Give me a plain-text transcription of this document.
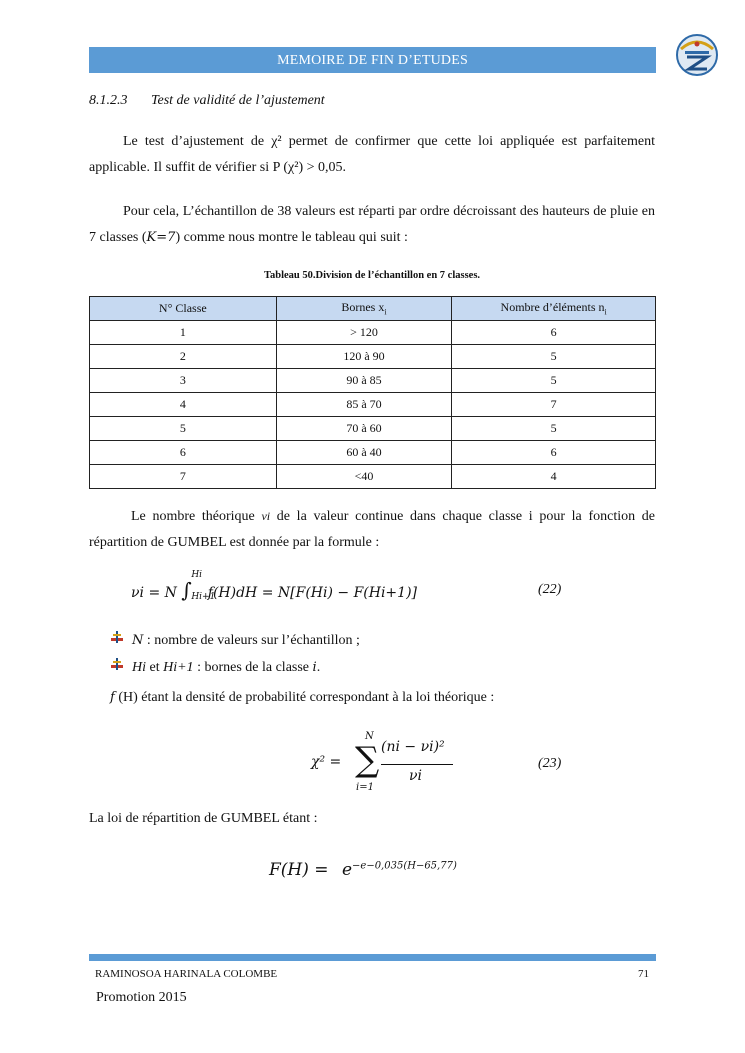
MEMOIRE DE FIN D’ETUDES
8.1.2.3 Test de validité de l’ajustement

Le test d’ajustement de χ² permet de confirmer que cette loi appliquée est parfaitement applicable. Il suffit de vérifier si P (χ²) > 0,05.

Pour cela, L’échantillon de 38 valeurs est réparti par ordre décroissant des hauteurs de pluie en 7 classes (K=7) comme nous montre le tableau qui suit :

Tableau 50.Division de l’échantillon en 7 classes.
N° Classe	Bornes $x_i$	Nombre d’éléments $n_i$
1	> 120	6
2	120 à 90	5
3	90 à 85	5
4	85 à 70	7
5	70 à 60	5
6	60 à 40	6
7	<40	4

Le nombre théorique νi de la valeur continue dans chaque classe i pour la fonction de répartition de GUMBEL est donnée par la formule :

νi = N ∫
Hi
Hi+1
f(H)dH = N[F(Hi) − F(Hi+1)]	(22)
N : nombre de valeurs sur l’échantillon ;
Hi et Hi+1 : bornes de la classe i.
f (H) étant la densité de probabilité correspondant à la loi théorique :
χ² =
N
∑
i=1
(ni − νi)²
νi
(23)
La loi de répartition de GUMBEL étant :
$F(H) = e^{-e-0,035(H-65,77)}$
RAMINOSOA HARINALA COLOMBE	71
Promotion 2015
